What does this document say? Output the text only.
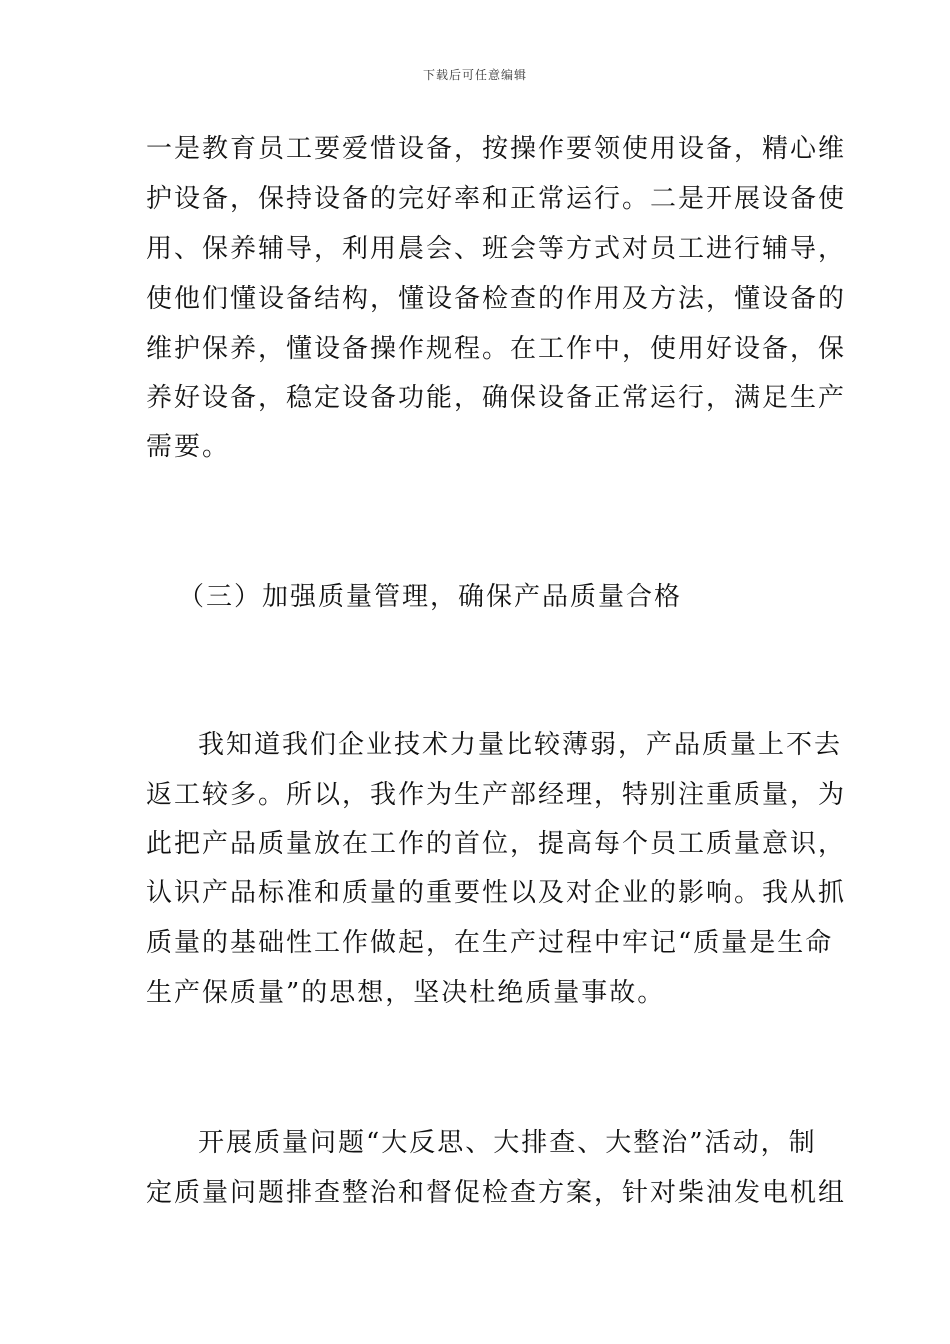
下载后可任意编辑
一是教育员工要爱惜设备，按操作要领使用设备，精心维
护设备，保持设备的完好率和正常运行。二是开展设备使
用、保养辅导，利用晨会、班会等方式对员工进行辅导，
使他们懂设备结构，懂设备检查的作用及方法，懂设备的
维护保养，懂设备操作规程。在工作中，使用好设备，保
养好设备，稳定设备功能，确保设备正常运行，满足生产
需要。
（三）加强质量管理，确保产品质量合格
我知道我们企业技术力量比较薄弱，产品质量上不去
返工较多。所以，我作为生产部经理，特别注重质量，为
此把产品质量放在工作的首位，提高每个员工质量意识，
认识产品标准和质量的重要性以及对企业的影响。我从抓
质量的基础性工作做起，在生产过程中牢记“质量是生命
生产保质量”的思想，坚决杜绝质量事故。
开展质量问题“大反思、大排查、大整治”活动，制
定质量问题排查整治和督促检查方案，针对柴油发电机组
